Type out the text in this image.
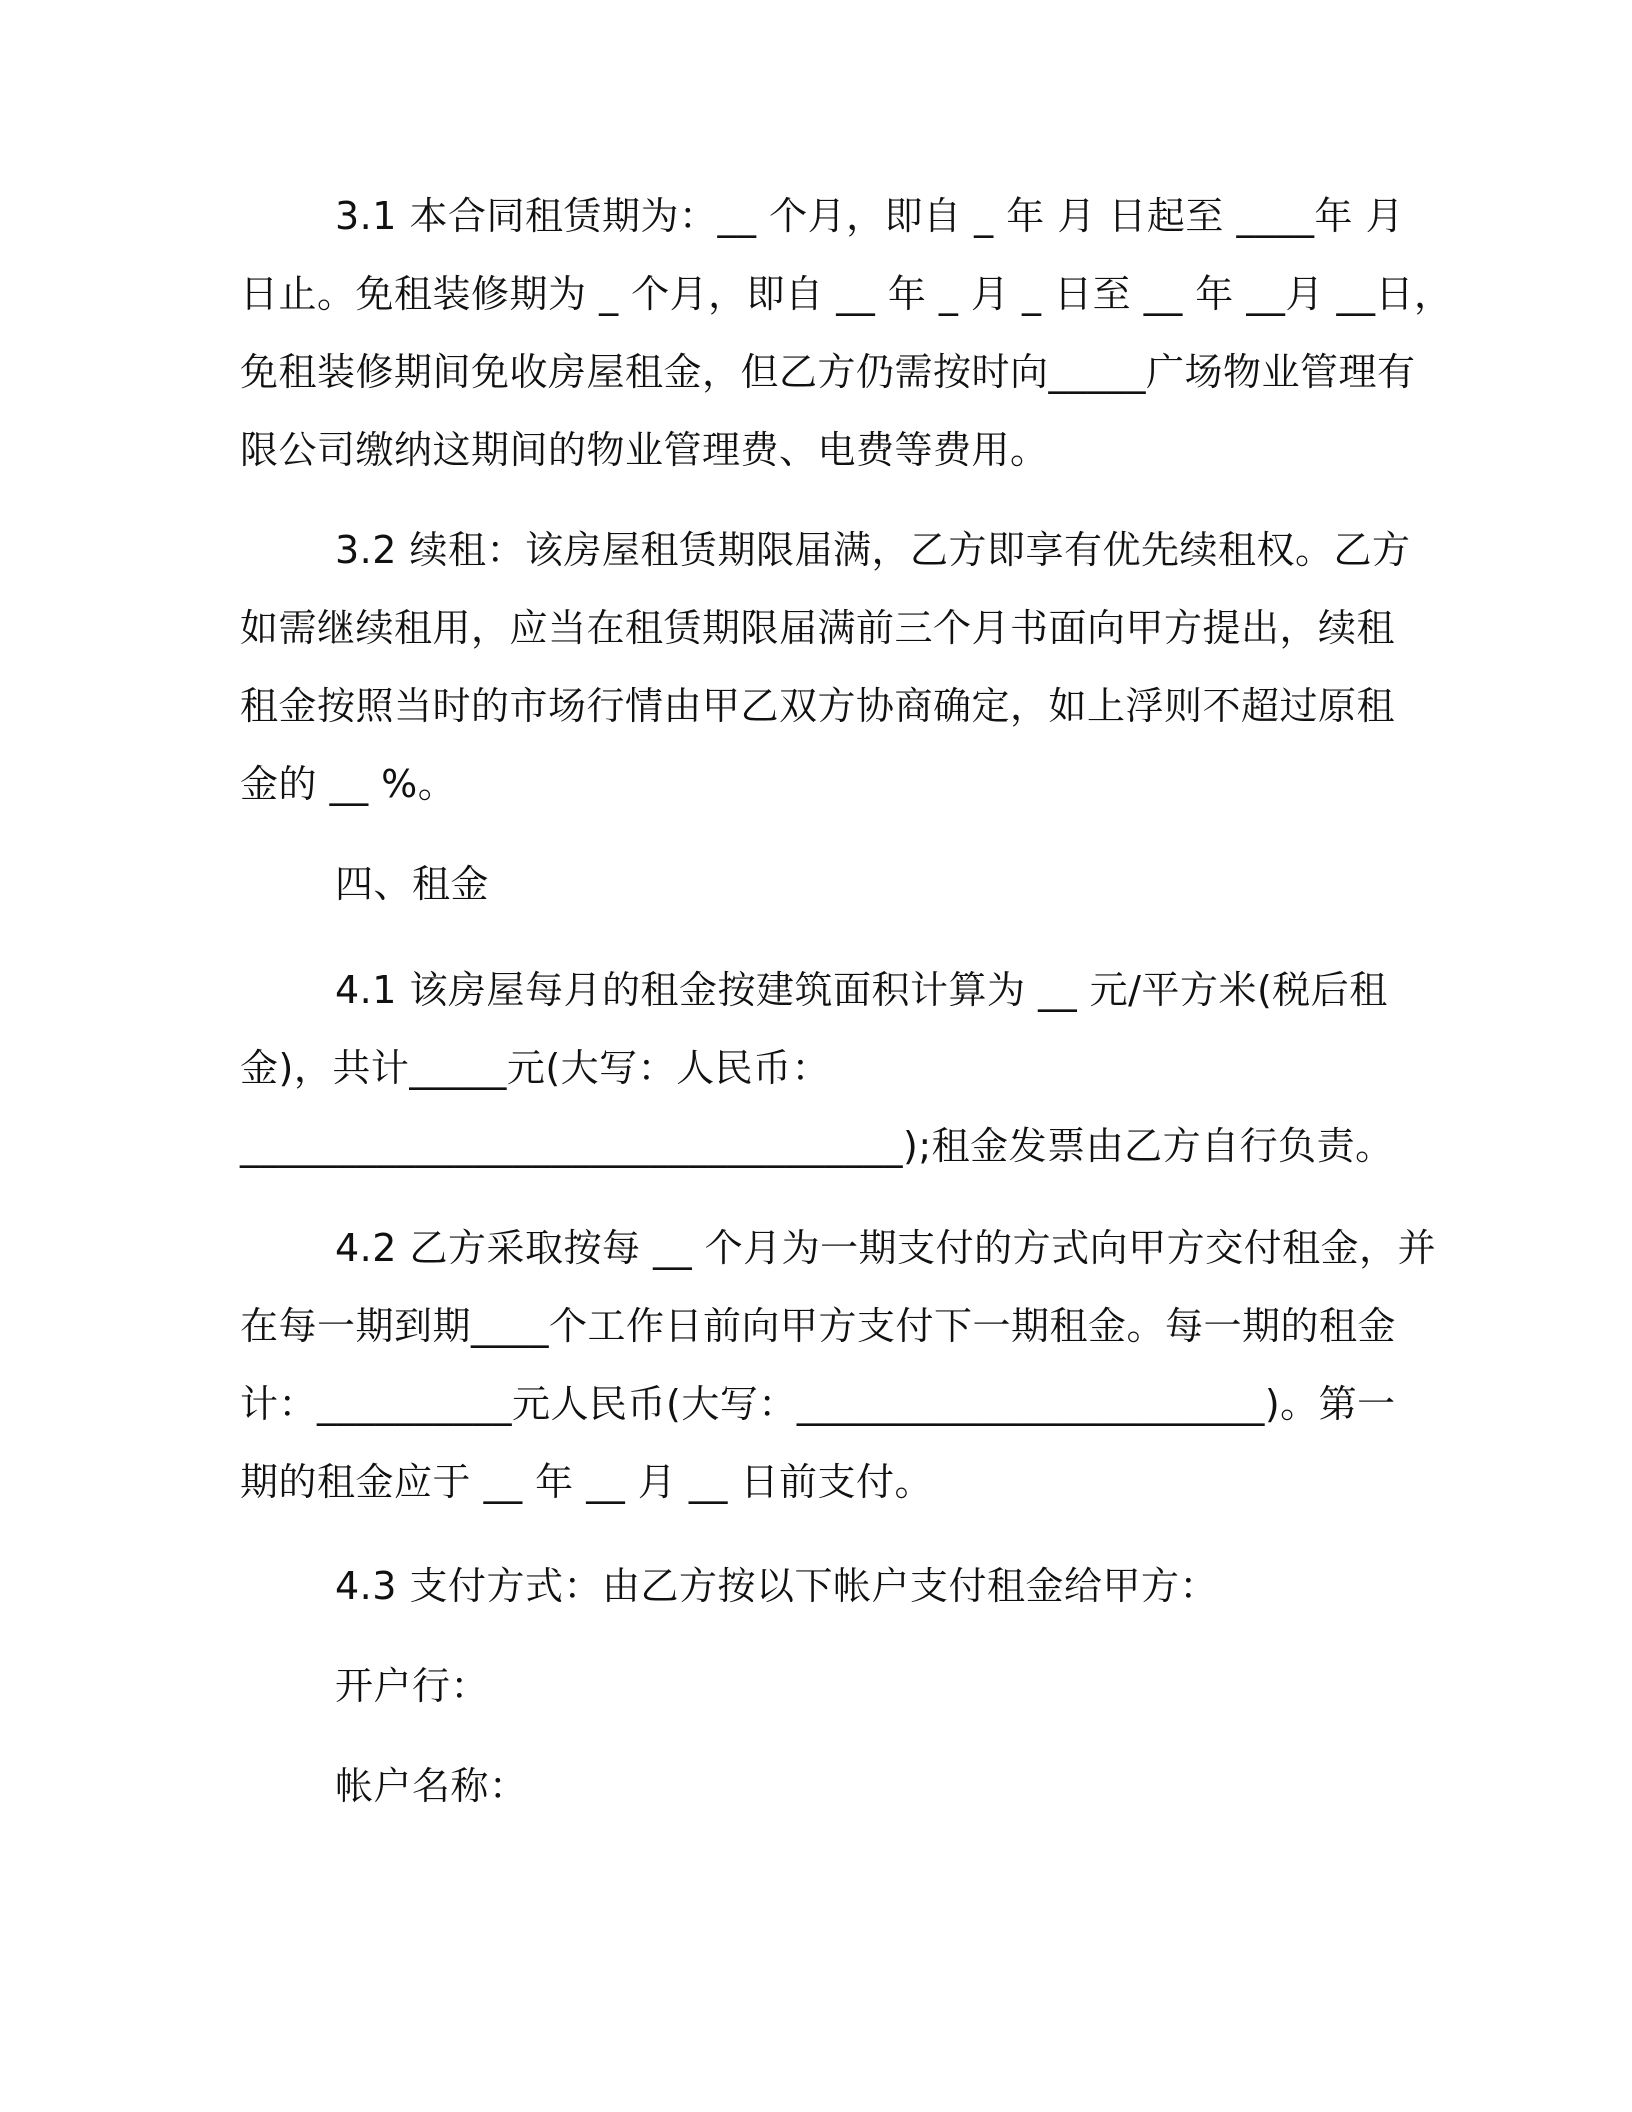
3.1 本合同租赁期为：__ 个月，即自 _ 年 月 日起至 ____年 月

日止。免租装修期为 _ 个月，即自 __ 年 _ 月 _ 日至 __ 年 __月 __日，

免租装修期间免收房屋租金，但乙方仍需按时向_____广场物业管理有

限公司缴纳这期间的物业管理费、电费等费用。

3.2 续租：该房屋租赁期限届满，乙方即享有优先续租权。乙方

如需继续租用，应当在租赁期限届满前三个月书面向甲方提出，续租

租金按照当时的市场行情由甲乙双方协商确定，如上浮则不超过原租

金的 __ %。

四、租金

4.1 该房屋每月的租金按建筑面积计算为 __ 元/平方米(税后租

金)，共计_____元(大写：人民币：

__________________________________);租金发票由乙方自行负责。

4.2 乙方采取按每 __ 个月为一期支付的方式向甲方交付租金，并

在每一期到期____个工作日前向甲方支付下一期租金。每一期的租金

计：__________元人民币(大写：________________________)。第一

期的租金应于 __ 年 __ 月 __ 日前支付。

4.3 支付方式：由乙方按以下帐户支付租金给甲方：

开户行：

帐户名称：
